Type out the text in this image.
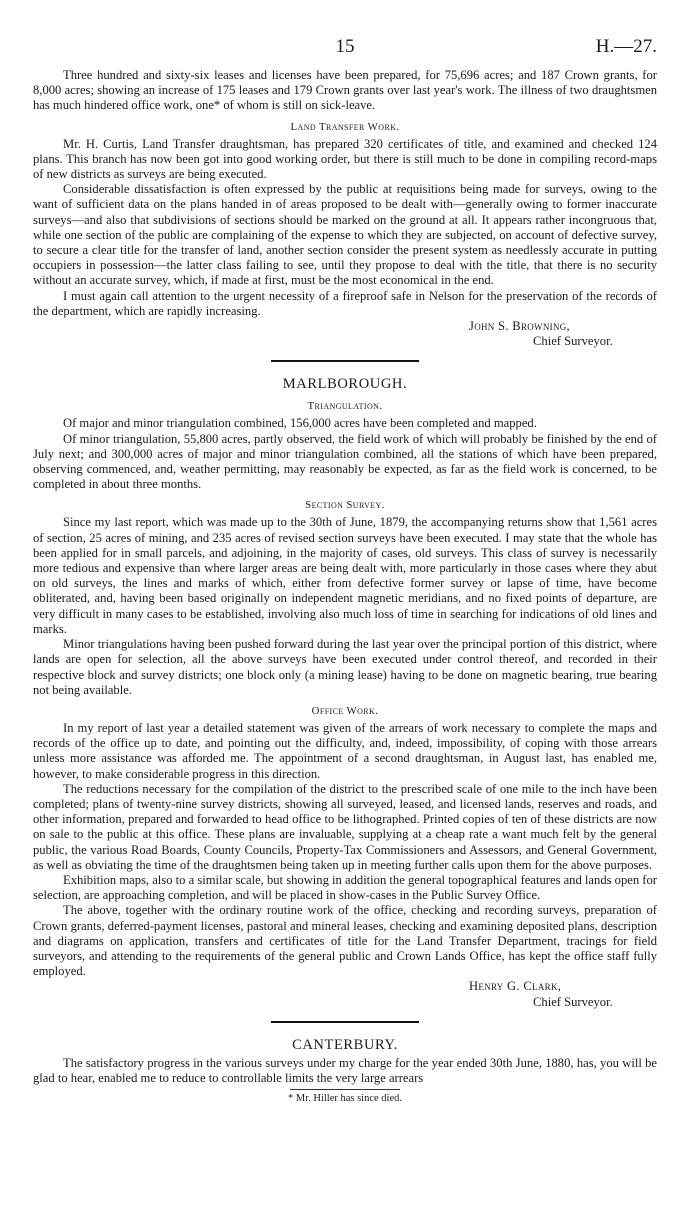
15	H.—27.

Three hundred and sixty-six leases and licenses have been prepared, for 75,696 acres; and 187 Crown grants, for 8,000 acres; showing an increase of 175 leases and 179 Crown grants over last year's work. The illness of two draughtsmen has much hindered office work, one* of whom is still on sick-leave.

Land Transfer Work.

Mr. H. Curtis, Land Transfer draughtsman, has prepared 320 certificates of title, and examined and checked 124 plans. This branch has now been got into good working order, but there is still much to be done in compiling record-maps of new districts as surveys are being executed.

Considerable dissatisfaction is often expressed by the public at requisitions being made for surveys, owing to the want of sufficient data on the plans handed in of areas proposed to be dealt with—generally owing to former inaccurate surveys—and also that subdivisions of sections should be marked on the ground at all. It appears rather incongruous that, while one section of the public are complaining of the expense to which they are subjected, on account of defective survey, to secure a clear title for the transfer of land, another section consider the present system as needlessly accurate in putting occupiers in possession—the latter class failing to see, until they propose to deal with the title, that there is no security without an accurate survey, which, if made at first, must be the most economical in the end.

I must again call attention to the urgent necessity of a fireproof safe in Nelson for the preservation of the records of the department, which are rapidly increasing.

John S. Browning,
Chief Surveyor.
MARLBOROUGH.
Triangulation.

Of major and minor triangulation combined, 156,000 acres have been completed and mapped.

Of minor triangulation, 55,800 acres, partly observed, the field work of which will probably be finished by the end of July next; and 300,000 acres of major and minor triangulation combined, all the stations of which have been prepared, observing commenced, and, weather permitting, may reasonably be expected, as far as the field work is concerned, to be completed in about three months.

Section Survey.

Since my last report, which was made up to the 30th of June, 1879, the accompanying returns show that 1,561 acres of section, 25 acres of mining, and 235 acres of revised section surveys have been executed. I may state that the whole has been applied for in small parcels, and adjoining, in the majority of cases, old surveys. This class of survey is necessarily more tedious and expensive than where larger areas are being dealt with, more particularly in those cases where they abut on old surveys, the lines and marks of which, either from defective former survey or lapse of time, have become obliterated, and, having been based originally on independent magnetic meridians, and no fixed points of departure, are very difficult in many cases to be established, involving also much loss of time in searching for indications of old lines and marks.

Minor triangulations having been pushed forward during the last year over the principal portion of this district, where lands are open for selection, all the above surveys have been executed under control thereof, and recorded in their respective block and survey districts; one block only (a mining lease) having to be done on magnetic bearing, true bearing not being available.

Office Work.

In my report of last year a detailed statement was given of the arrears of work necessary to complete the maps and records of the office up to date, and pointing out the difficulty, and, indeed, impossibility, of coping with those arrears unless more assistance was afforded me. The appointment of a second draughtsman, in August last, has enabled me, however, to make considerable progress in this direction.

The reductions necessary for the compilation of the district to the prescribed scale of one mile to the inch have been completed; plans of twenty-nine survey districts, showing all surveyed, leased, and licensed lands, reserves and roads, and other information, prepared and forwarded to head office to be lithographed. Printed copies of ten of these districts are now on sale to the public at this office. These plans are invaluable, supplying at a cheap rate a want much felt by the general public, the various Road Boards, County Councils, Property-Tax Commissioners and Assessors, and General Government, as well as obviating the time of the draughtsmen being taken up in meeting further calls upon them for the above purposes.

Exhibition maps, also to a similar scale, but showing in addition the general topographical features and lands open for selection, are approaching completion, and will be placed in show-cases in the Public Survey Office.

The above, together with the ordinary routine work of the office, checking and recording surveys, preparation of Crown grants, deferred-payment licenses, pastoral and mineral leases, checking and examining deposited plans, description and diagrams on application, transfers and certificates of title for the Land Transfer Department, tracings for field surveyors, and attending to the requirements of the general public and Crown Lands Office, has kept the office staff fully employed.

Henry G. Clark,
Chief Surveyor.
CANTERBURY.

The satisfactory progress in the various surveys under my charge for the year ended 30th June, 1880, has, you will be glad to hear, enabled me to reduce to controllable limits the very large arrears

* Mr. Hiller has since died.
